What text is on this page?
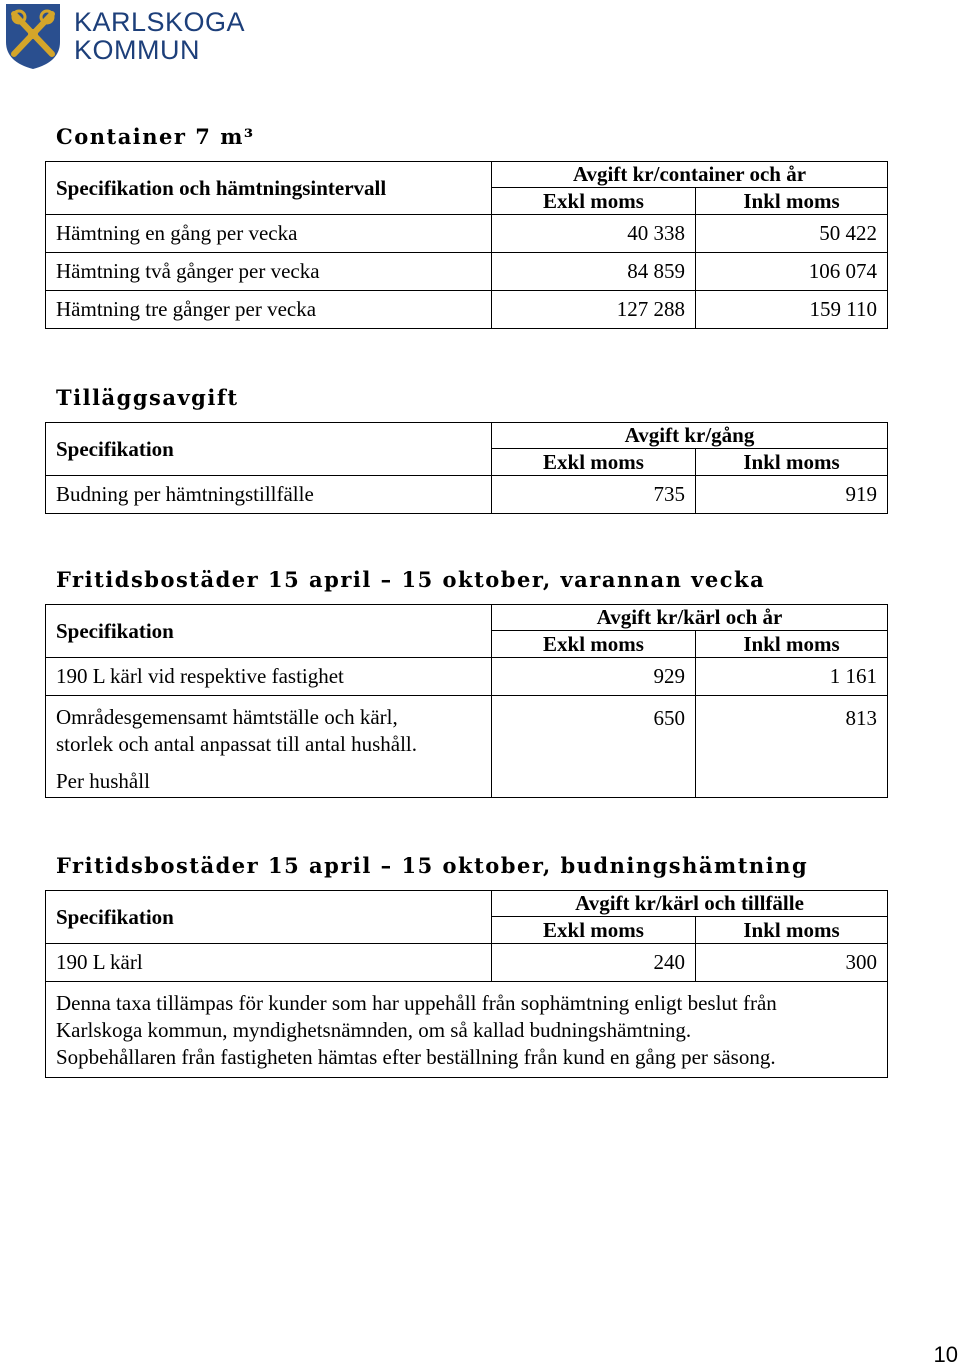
KARLSKOGA
KOMMUN
Container 7 m³
Specifikation och hämtningsintervall	Avgift kr/container och år	
	Exkl moms	Inkl moms
Hämtning en gång per vecka	40 338	50 422
Hämtning två gånger per vecka	84 859	106 074
Hämtning tre gånger per vecka	127 288	159 110
Tilläggsavgift
Specifikation	Avgift kr/gång	
	Exkl moms	Inkl moms
Budning per hämtningstillfälle	735	919
Fritidsbostäder 15 april – 15 oktober, varannan vecka
Specifikation	Avgift kr/kärl och år	
	Exkl moms	Inkl moms
190 L kärl vid respektive fastighet	929	1 161

Områdesgemensamt hämtställe och kärl,
storlek och antal anpassat till antal hushåll.
Per hushåll	650	813
Fritidsbostäder 15 april – 15 oktober, budningshämtning
Specifikation	Avgift kr/kärl och tillfälle	
	Exkl moms	Inkl moms
190 L kärl	240	300

Denna taxa tillämpas för kunder som har uppehåll från sophämtning enligt beslut från
Karlskoga kommun, myndighetsnämnden, om så kallad budningshämtning.
Sopbehållaren från fastigheten hämtas efter beställning från kund en gång per säsong.		
10
